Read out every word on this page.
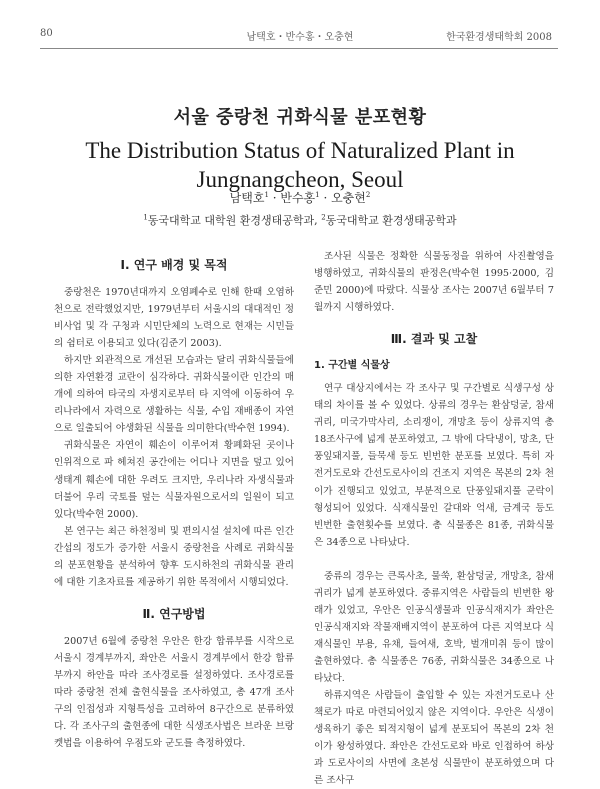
80	남택호・반수홍・오충현	한국환경생태학회 2008
서울 중랑천 귀화식물 분포현황
The Distribution Status of Naturalized Plant in Jungnangcheon, Seoul
남택호$^1$ · 반수홍$^1$ · 오충현$^2$
$^1$동국대학교 대학원 환경생태공학과, $^2$동국대학교 환경생태공학과
Ⅰ. 연구 배경 및 목적

중랑천은 1970년대까지 오염폐수로 인해 한때 오염하천으로 전락했었지만, 1979년부터 서울시의 대대적인 정비사업 및 각 구청과 시민단체의 노력으로 현재는 시민들의 쉼터로 이용되고 있다(김준기 2003).

하지만 외관적으로 개선된 모습과는 달리 귀화식물들에 의한 자연환경 교란이 심각하다. 귀화식물이란 인간의 매개에 의하여 타국의 자생지로부터 타 지역에 이동하여 우리나라에서 자력으로 생활하는 식물, 수입 재배종이 자연으로 일출되어 야생화된 식물을 의미한다(박수현 1994).

귀화식물은 자연이 훼손이 이루어져 황폐화된 곳이나 인위적으로 파 헤쳐진 공간에는 어디나 지면을 덮고 있어 생태계 훼손에 대한 우려도 크지만, 우리나라 자생식물과 더불어 우리 국토를 덮는 식물자원으로서의 일원이 되고 있다(박수현 2000).

본 연구는 최근 하천정비 및 편의시설 설치에 따른 인간간섭의 정도가 증가한 서울시 중랑천을 사례로 귀화식물의 분포현황을 분석하여 향후 도시하천의 귀화식물 관리에 대한 기초자료를 제공하기 위한 목적에서 시행되었다.

Ⅱ. 연구방법

2007년 6월에 중랑천 우안은 한강 합류부를 시작으로 서울시 경계부까지, 좌안은 서울시 경계부에서 한강 합류부까지 하안을 따라 조사경로를 설정하였다. 조사경로를 따라 중랑천 전체 출현식물을 조사하였고, 총 47개 조사구의 인접성과 지형특성을 고려하여 8구간으로 분류하였다. 각 조사구의 출현종에 대한 식생조사법은 브라운 브랑켓법을 이용하여 우점도와 군도를 측정하였다.

조사된 식물은 정확한 식물동정을 위하여 사진촬영을 병행하였고, 귀화식물의 판정은(박수현 1995·2000, 김준민 2000)에 따랐다. 식물상 조사는 2007년 6월부터 7월까지 시행하였다.

Ⅲ. 결과 및 고찰
1. 구간별 식물상

연구 대상지에서는 각 조사구 및 구간별로 식생구성 상태의 차이를 볼 수 있었다. 상류의 경우는 환삼덩굴, 참새귀리, 미국가막사리, 소리쟁이, 개망초 등이 상류지역 총 18조사구에 넓게 분포하였고, 그 밖에 다닥냉이, 망초, 단풍잎돼지풀, 들묵새 등도 빈번한 분포를 보였다. 특히 자전거도로와 간선도로사이의 건조지 지역은 목본의 2차 천이가 진행되고 있었고, 부분적으로 단풍잎돼지풀 군락이 형성되어 있었다. 식재식물인 갈대와 억새, 금계국 등도 빈번한 출현횟수를 보였다. 총 식물종은 81종, 귀화식물은 34종으로 나타났다.

중류의 경우는 큰록사초, 물쑥, 환삼덩굴, 개망초, 참새귀리가 넓게 분포하였다. 중류지역은 사람들의 빈번한 왕래가 있었고, 우안은 인공식생물과 인공식재지가 좌안은 인공식재지와 작물재배지역이 분포하여 다른 지역보다 식재식물인 부용, 유채, 들여새, 호박, 벌개미취 등이 많이 출현하였다. 총 식물종은 76종, 귀화식물은 34종으로 나타났다.

하류지역은 사람들이 출입할 수 있는 자전거도로나 산책로가 따로 마련되어있지 않은 지역이다. 우안은 식생이 생육하기 좋은 퇴적지형이 넓게 분포되어 목본의 2차 천이가 왕성하였다. 좌안은 간선도로와 바로 인접하여 하상과 도로사이의 사면에 초본성 식물만이 분포하였으며 다른 조사구
